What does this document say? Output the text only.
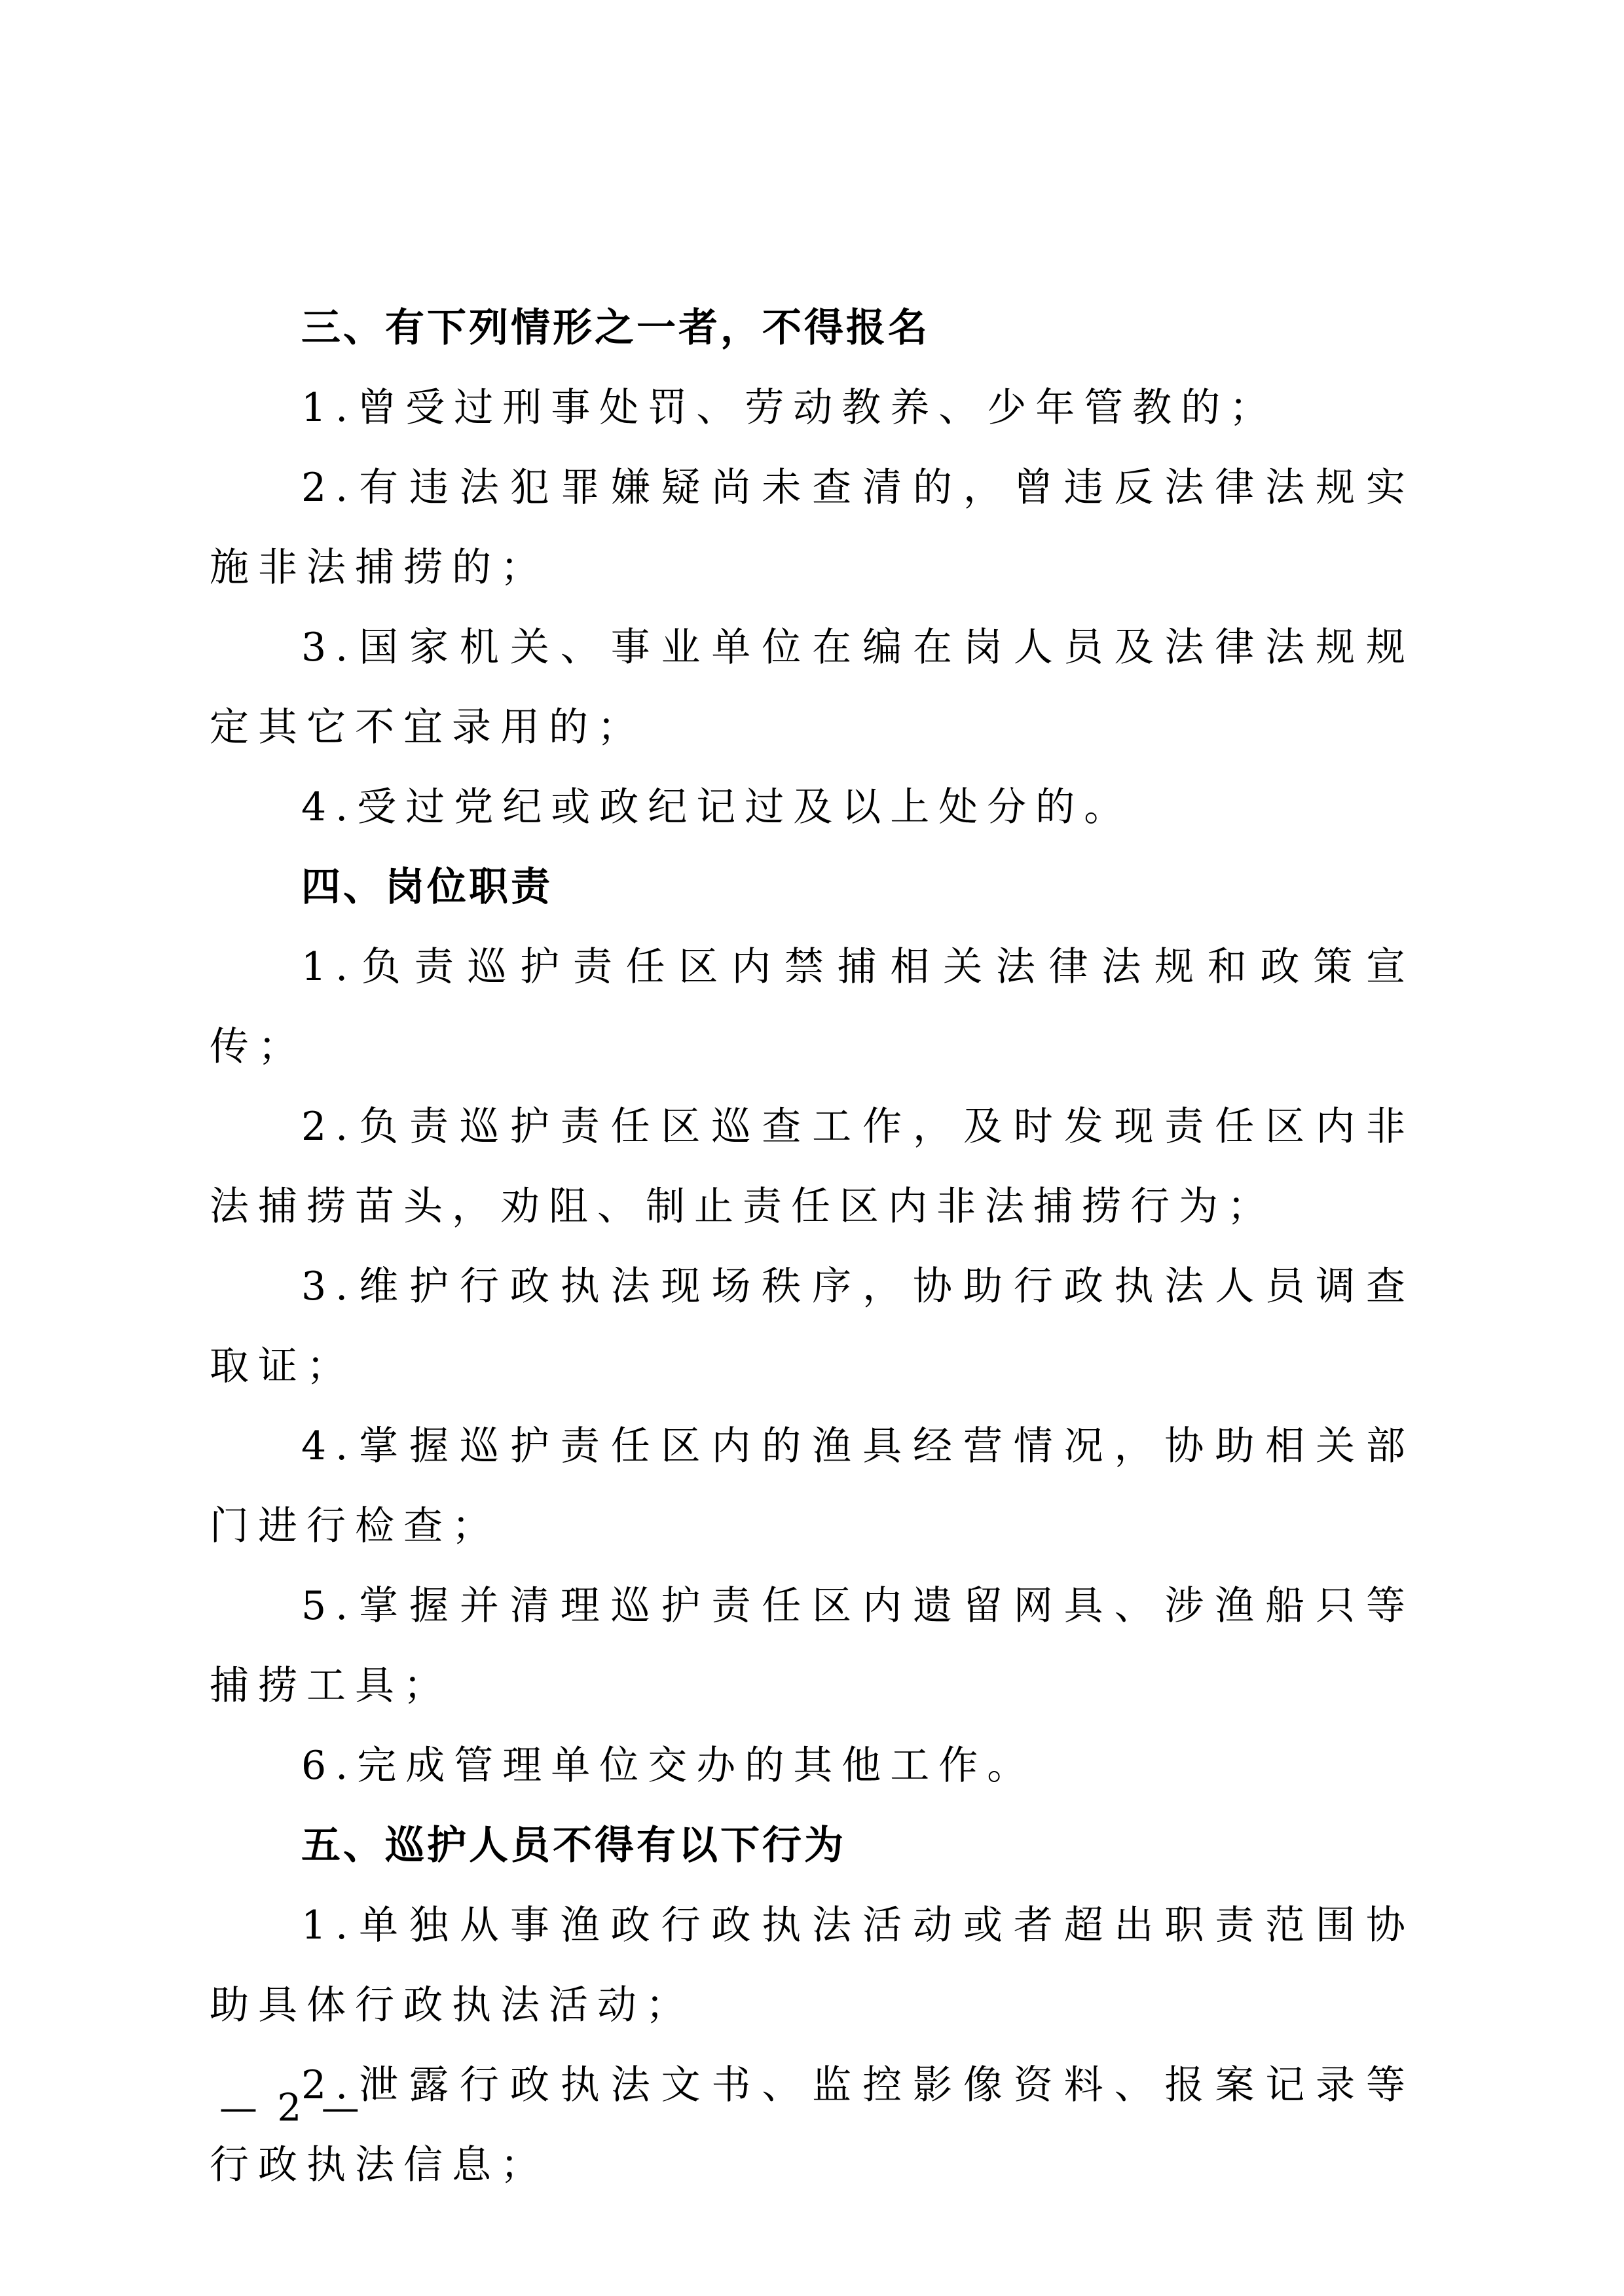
三、有下列情形之一者，不得报名

1.曾受过刑事处罚、劳动教养、少年管教的；

2.有违法犯罪嫌疑尚未查清的，曾违反法律法规实施非法捕捞的；

3.国家机关、事业单位在编在岗人员及法律法规规定其它不宜录用的；

4.受过党纪或政纪记过及以上处分的。

四、岗位职责

1.负责巡护责任区内禁捕相关法律法规和政策宣传；

2.负责巡护责任区巡查工作，及时发现责任区内非法捕捞苗头，劝阻、制止责任区内非法捕捞行为；

3.维护行政执法现场秩序，协助行政执法人员调查取证；

4.掌握巡护责任区内的渔具经营情况，协助相关部门进行检查；

5.掌握并清理巡护责任区内遗留网具、涉渔船只等捕捞工具；

6.完成管理单位交办的其他工作。

五、巡护人员不得有以下行为

1.单独从事渔政行政执法活动或者超出职责范围协助具体行政执法活动；

2.泄露行政执法文书、监控影像资料、报案记录等行政执法信息；

— 2 —
